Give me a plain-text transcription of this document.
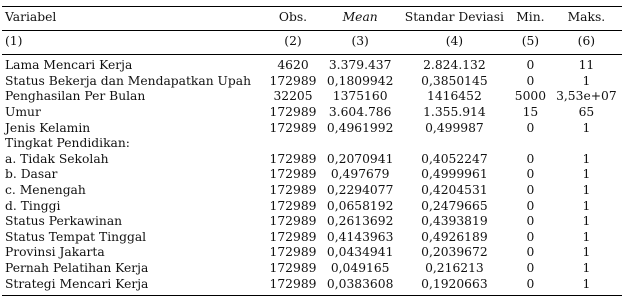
Variabel	Obs.	Mean	Standar Deviasi	Min.	Maks.
(1)	(2)	(3)	(4)	(5)	(6)
Lama Mencari Kerja	4620	3.379.437	2.824.132	0	11
Status Bekerja dan Mendapatkan Upah	172989	0,1809942	0,3850145	0	1
Penghasilan Per Bulan	32205	1375160	1416452	5000	3,53e+07
Umur	172989	3.604.786	1.355.914	15	65
Jenis Kelamin	172989	0,4961992	0,499987	0	1
Tingkat Pendidikan:					
a. Tidak Sekolah	172989	0,2070941	0,4052247	0	1
b. Dasar	172989	0,497679	0,4999961	0	1
c. Menengah	172989	0,2294077	0,4204531	0	1
d. Tinggi	172989	0,0658192	0,2479665	0	1
Status Perkawinan	172989	0,2613692	0,4393819	0	1
Status Tempat Tinggal	172989	0,4143963	0,4926189	0	1
Provinsi Jakarta	172989	0,0434941	0,2039672	0	1
Pernah Pelatihan Kerja	172989	0,049165	0,216213	0	1
Strategi Mencari Kerja	172989	0,0383608	0,1920663	0	1
